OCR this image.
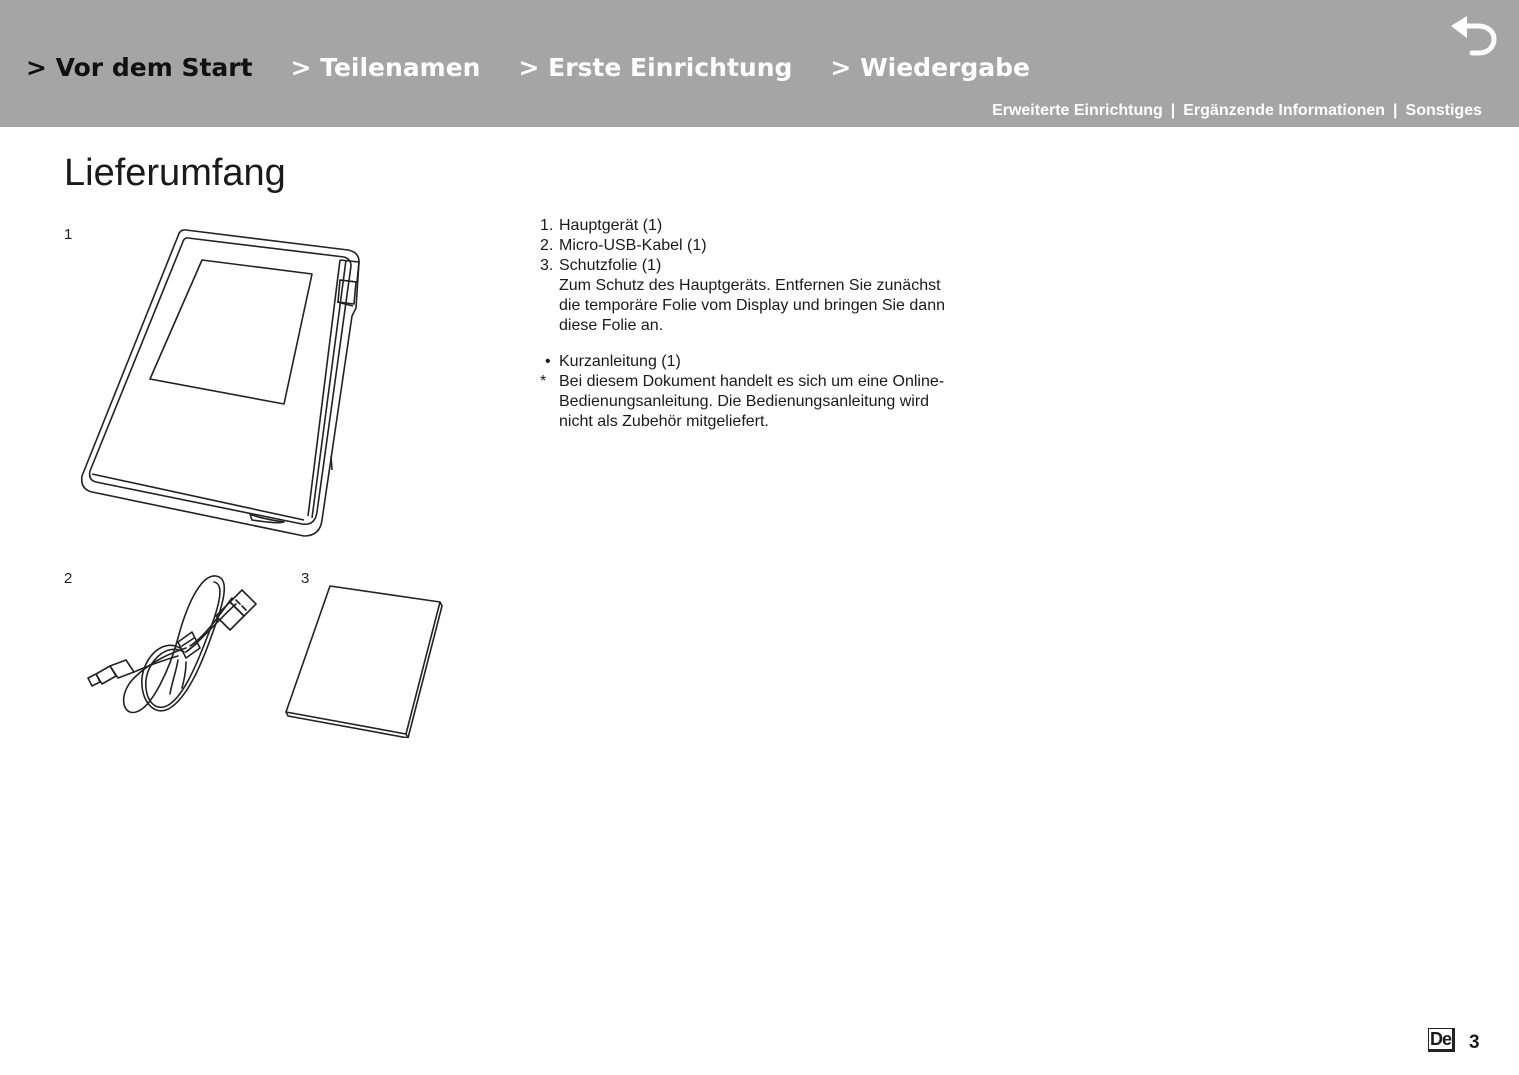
> Vor dem Start > Teilenamen > Erste Einrichtung > Wiedergabe
Erweiterte Einrichtung | Ergänzende Informationen | Sonstiges
Lieferumfang
1
2	3
1. Hauptgerät (1)
2. Micro-USB-Kabel (1)
3. Schutzfolie (1)
Zum Schutz des Hauptgeräts. Entfernen Sie zunächst
die temporäre Folie vom Display und bringen Sie dann
diese Folie an.
• Kurzanleitung (1)
* Bei diesem Dokument handelt es sich um eine Online-
Bedienungsanleitung. Die Bedienungsanleitung wird
nicht als Zubehör mitgeliefert.
De 3
